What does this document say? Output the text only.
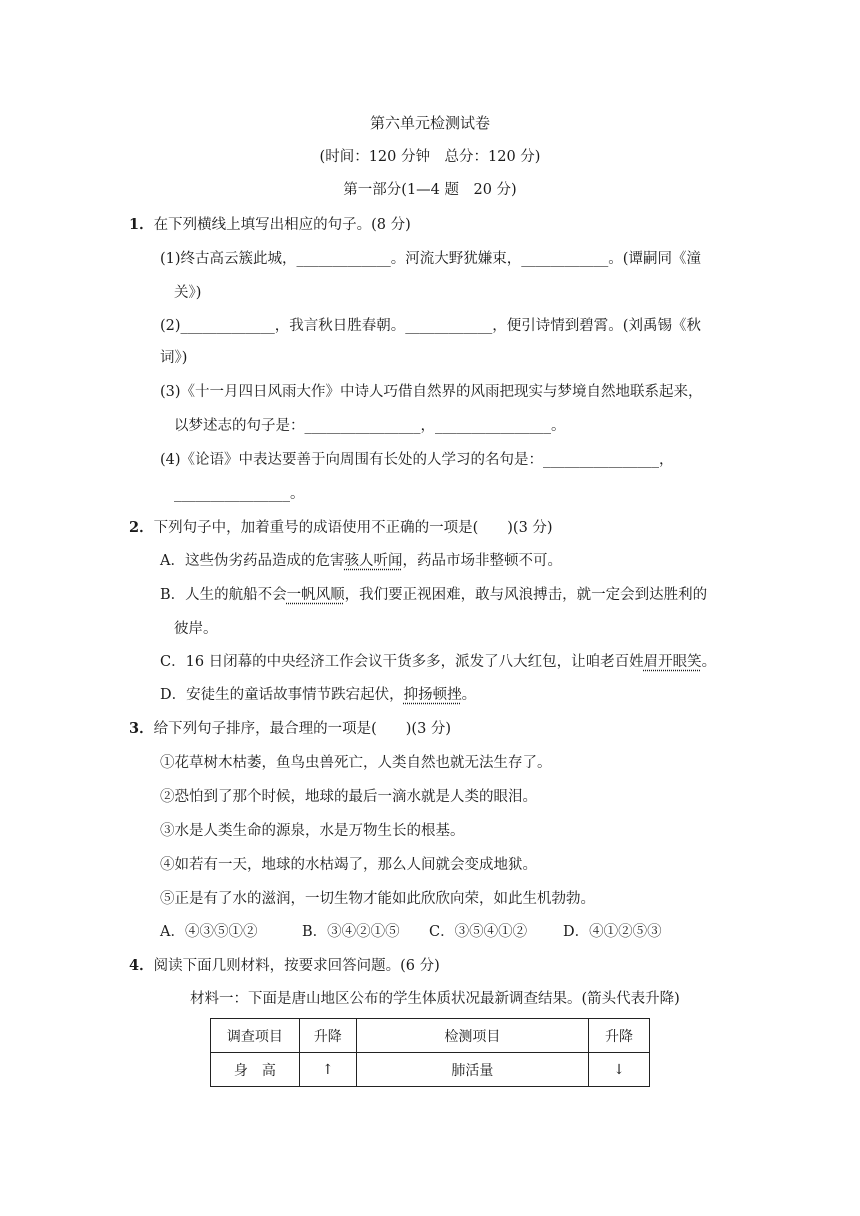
第六单元检测试卷
(时间：120 分钟　总分：120 分)
第一部分(1—4 题　20 分)
1．在下列横线上填写出相应的句子。(8 分)
(1)终古高云簇此城，_____________。河流大野犹嫌束，____________。(谭嗣同《潼
关》)
(2)_____________，我言秋日胜春朝。____________，便引诗情到碧霄。(刘禹锡《秋
词》)
(3)《十一月四日风雨大作》中诗人巧借自然界的风雨把现实与梦境自然地联系起来，
以梦述志的句子是：________________，________________。
(4)《论语》中表达要善于向周围有长处的人学习的名句是：________________，
________________。
2．下列句子中，加着重号的成语使用不正确的一项是(　　)(3 分)
A．这些伪劣药品造成的危害骇人听闻，药品市场非整顿不可。
B．人生的航船不会一帆风顺，我们要正视困难，敢与风浪搏击，就一定会到达胜利的
彼岸。
C．16 日闭幕的中央经济工作会议干货多多，派发了八大红包，让咱老百姓眉开眼笑。
D．安徒生的童话故事情节跌宕起伏，抑扬顿挫。
3．给下列句子排序，最合理的一项是(　　)(3 分)
①花草树木枯萎，鱼鸟虫兽死亡，人类自然也就无法生存了。
②恐怕到了那个时候，地球的最后一滴水就是人类的眼泪。
③水是人类生命的源泉，水是万物生长的根基。
④如若有一天，地球的水枯竭了，那么人间就会变成地狱。
⑤正是有了水的滋润，一切生物才能如此欣欣向荣，如此生机勃勃。
A．④③⑤①②	B．③④②①⑤ C．③⑤④①② D．④①②⑤③
4．阅读下面几则材料，按要求回答问题。(6 分)
材料一：下面是唐山地区公布的学生体质状况最新调查结果。(箭头代表升降)
调查项目	升降	检测项目	升降
身　高	↑	肺活量	↓
